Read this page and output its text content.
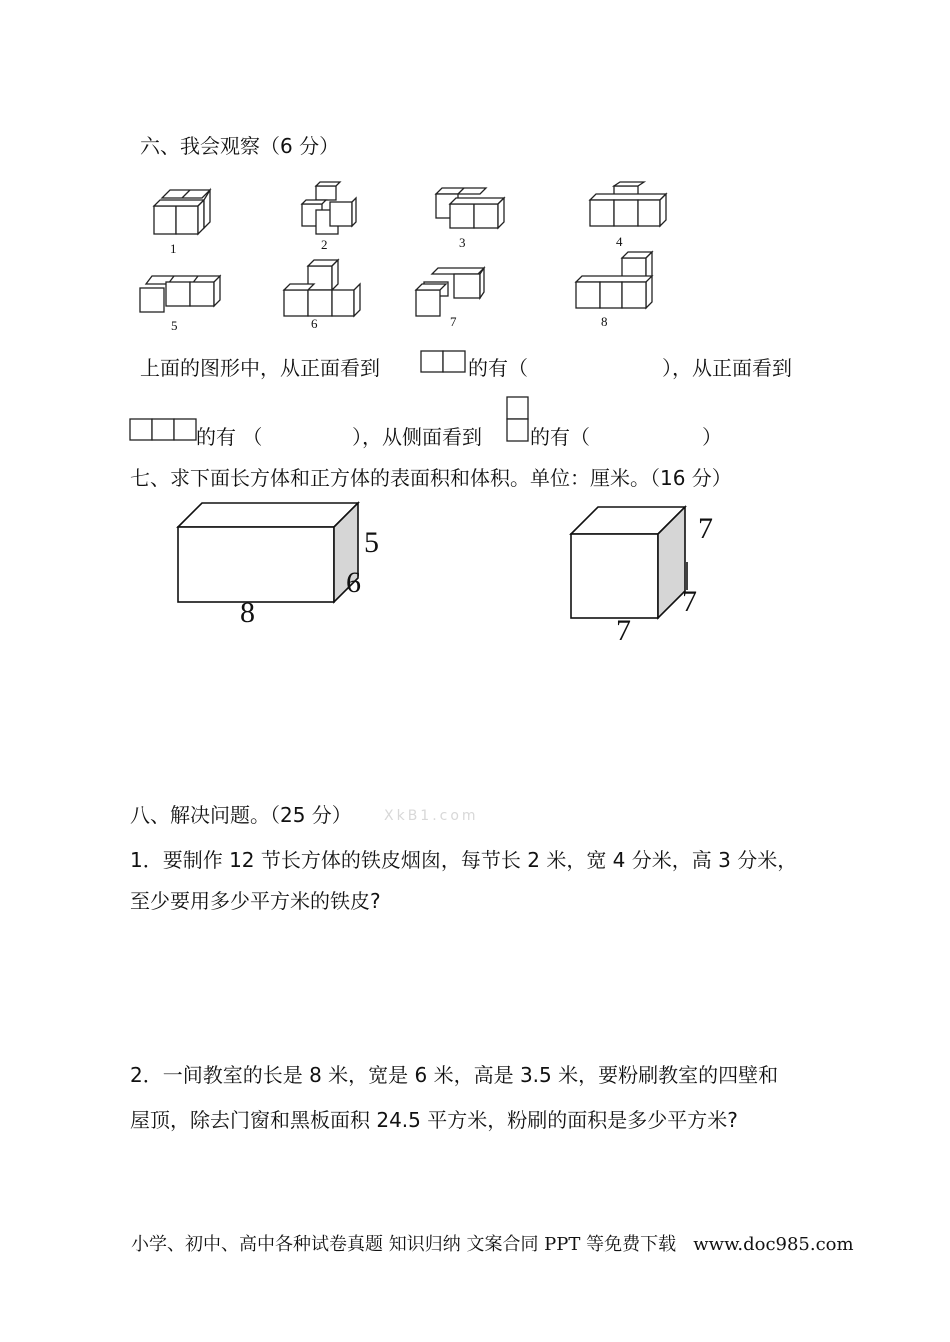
六、我会观察（6 分）
1	2	3	4
5	6	7	8
上面的图形中，从正面看到	的有（	），从正面看到
的有 （	），从侧面看到 的有（	）
七、求下面长方体和正方体的表面积和体积。单位：厘米。（16 分）
5
6
8
7
7
7
八、解决问题。（25 分） XkB1.com
1．要制作 12 节长方体的铁皮烟囱，每节长 2 米，宽 4 分米，高 3 分米，
至少要用多少平方米的铁皮?
2．一间教室的长是 8 米，宽是 6 米，高是 3.5 米，要粉刷教室的四壁和
屋顶，除去门窗和黑板面积 24.5 平方米，粉刷的面积是多少平方米?
小学、初中、高中各种试卷真题 知识归纳 文案合同 PPT 等免费下载   www.doc985.com
